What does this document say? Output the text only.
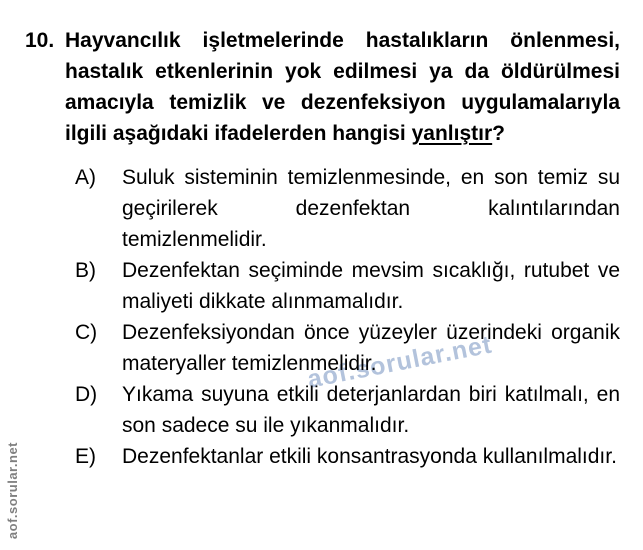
aof.sorular.net
aof.sorular.net
10. Hayvancılık işletmelerinde hastalıkların önlenmesi, hastalık etkenlerinin yok edilmesi ya da öldürülmesi amacıyla temizlik ve dezenfeksiyon uygulamalarıyla ilgili aşağıdaki ifadelerden hangisi yanlıştır?
A)	Suluk sisteminin temizlenmesinde, en son temiz su geçirilerek dezenfektan kalıntılarından temizlenmelidir.
B)	Dezenfektan seçiminde mevsim sıcaklığı, rutubet ve maliyeti dikkate alınmamalıdır.
C)	Dezenfeksiyondan önce yüzeyler üzerindeki organik materyaller temizlenmelidir.
D)	Yıkama suyuna etkili deterjanlardan biri katılmalı, en son sadece su ile yıkanmalıdır.
E)	Dezenfektanlar etkili konsantrasyonda kullanılmalıdır.
